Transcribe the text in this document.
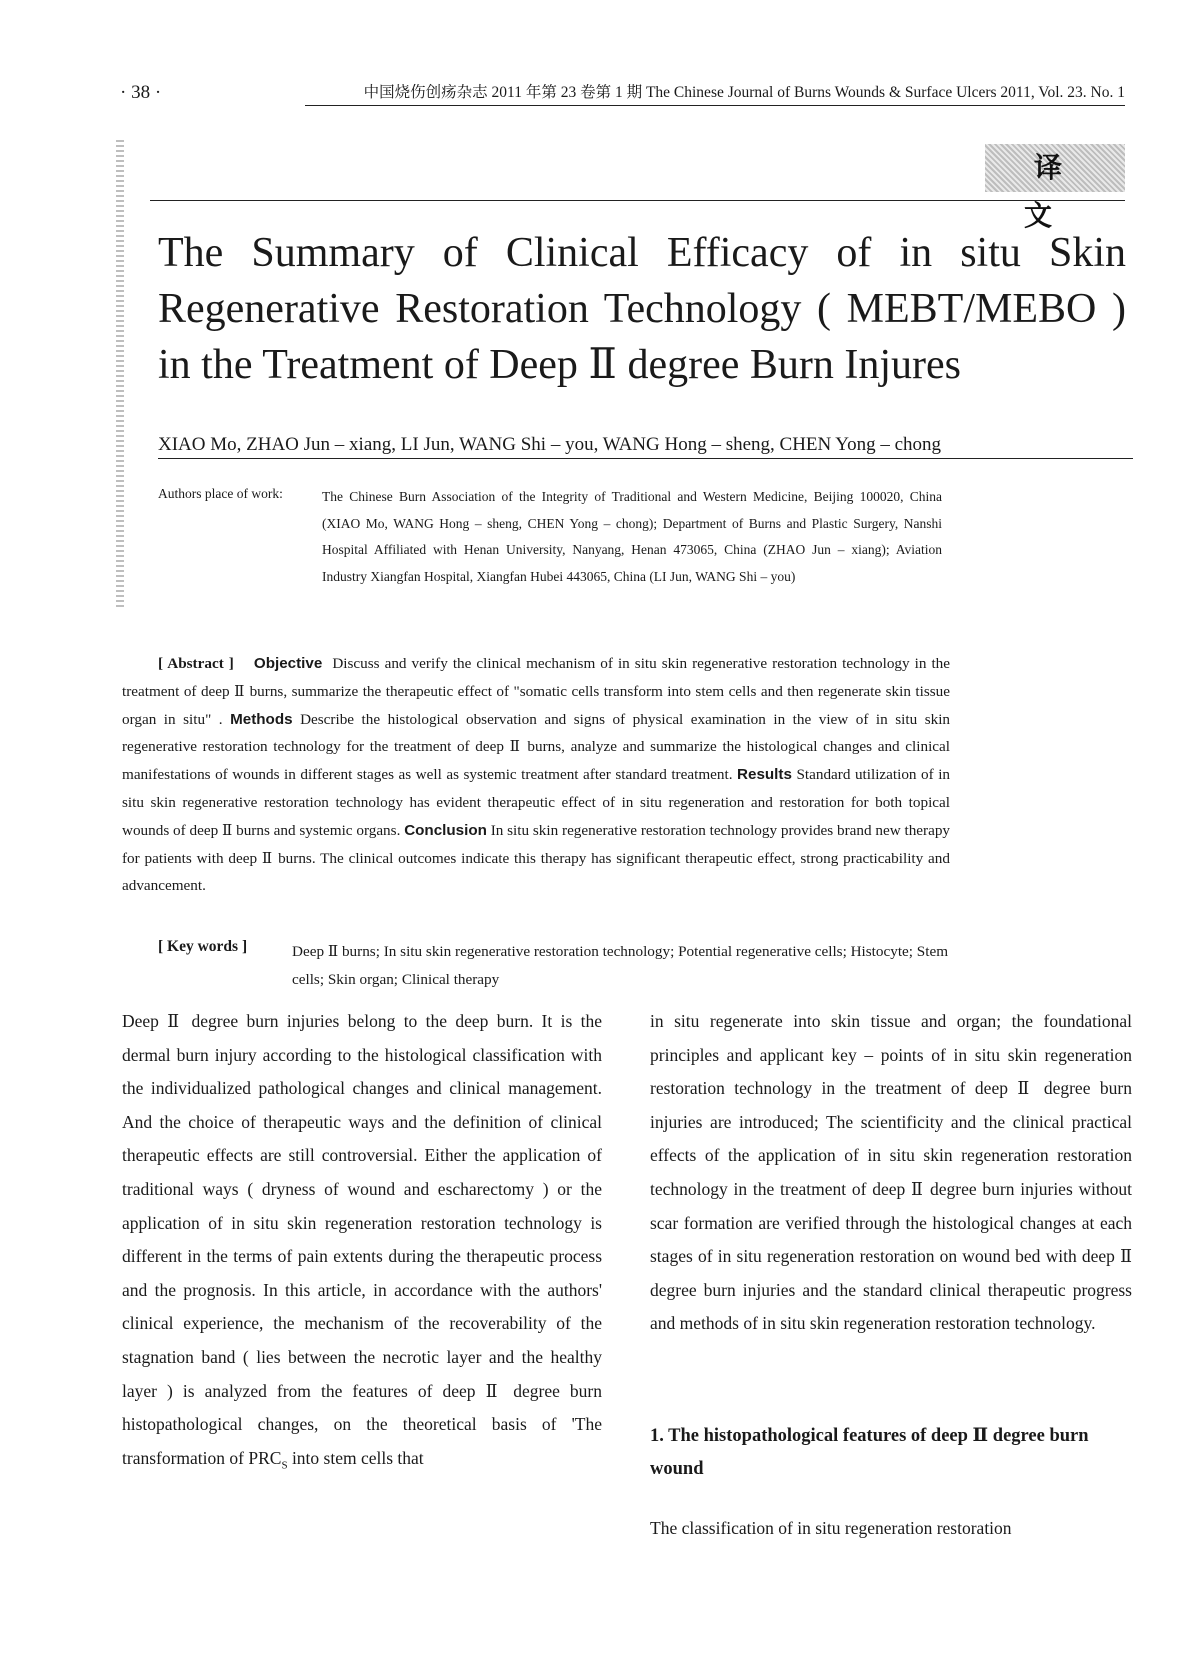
· 38 ·	中国烧伤创疡杂志 2011 年第 23 卷第 1 期 The Chinese Journal of Burns Wounds & Surface Ulcers 2011, Vol. 23. No. 1
译文
The Summary of Clinical Efficacy of in situ Skin Regenerative Restoration Technology ( MEBT/MEBO ) in the Treatment of Deep Ⅱ degree Burn Injures
XIAO Mo, ZHAO Jun – xiang, LI Jun, WANG Shi – you, WANG Hong – sheng, CHEN Yong – chong
Authors place of work:	The Chinese Burn Association of the Integrity of Traditional and Western Medicine, Beijing 100020, China (XIAO Mo, WANG Hong – sheng, CHEN Yong – chong); Department of Burns and Plastic Surgery, Nanshi Hospital Affiliated with Henan University, Nanyang, Henan 473065, China (ZHAO Jun – xiang); Aviation Industry Xiangfan Hospital, Xiangfan Hubei 443065, China (LI Jun, WANG Shi – you)
[ Abstract ] Objective Discuss and verify the clinical mechanism of in situ skin regenerative restoration technology in the treatment of deep Ⅱ burns, summarize the therapeutic effect of "somatic cells transform into stem cells and then regenerate skin tissue organ in situ" . Methods Describe the histological observation and signs of physical examination in the view of in situ skin regenerative restoration technology for the treatment of deep Ⅱ burns, analyze and summarize the histological changes and clinical manifestations of wounds in different stages as well as systemic treatment after standard treatment. Results Standard utilization of in situ skin regenerative restoration technology has evident therapeutic effect of in situ regeneration and restoration for both topical wounds of deep Ⅱ burns and systemic organs. Conclusion In situ skin regenerative restoration technology provides brand new therapy for patients with deep Ⅱ burns. The clinical outcomes indicate this therapy has significant therapeutic effect, strong practicability and advancement.
[ Key words ]	Deep Ⅱ burns; In situ skin regenerative restoration technology; Potential regenerative cells; Histocyte; Stem cells; Skin organ; Clinical therapy
Deep Ⅱ degree burn injuries belong to the deep burn. It is the dermal burn injury according to the histological classification with the individualized pathological changes and clinical management. And the choice of therapeutic ways and the definition of clinical therapeutic effects are still controversial. Either the application of traditional ways ( dryness of wound and escharectomy ) or the application of in situ skin regeneration restoration technology is different in the terms of pain extents during the therapeutic process and the prognosis. In this article, in accordance with the authors' clinical experience, the mechanism of the recoverability of the stagnation band ( lies between the necrotic layer and the healthy layer ) is analyzed from the features of deep Ⅱ degree burn histopathological changes, on the theoretical basis of 'The transformation of $PRC_S$ into stem cells that
in situ regenerate into skin tissue and organ; the foundational principles and applicant key – points of in situ skin regeneration restoration technology in the treatment of deep Ⅱ degree burn injuries are introduced; The scientificity and the clinical practical effects of the application of in situ skin regeneration restoration technology in the treatment of deep Ⅱ degree burn injuries without scar formation are verified through the histological changes at each stages of in situ regeneration restoration on wound bed with deep Ⅱ degree burn injuries and the standard clinical therapeutic progress and methods of in situ skin regeneration restoration technology.
1. The histopathological features of deep Ⅱ degree burn wound
The classification of in situ regeneration restoration
